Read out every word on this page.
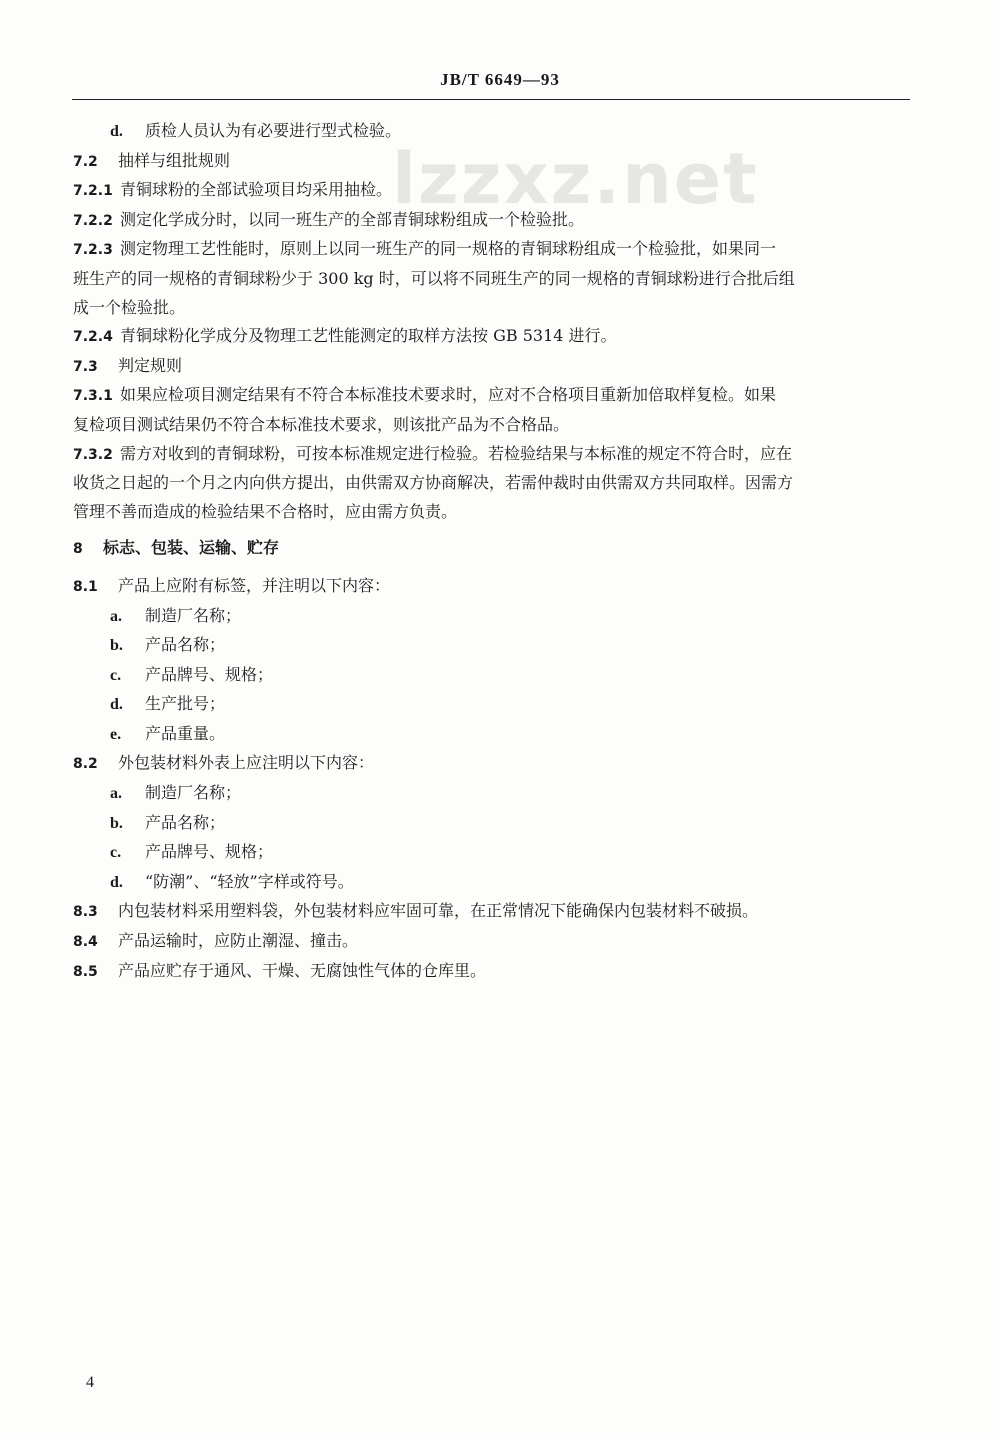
JB/T 6649—93
lzzxz.net
d. 质检人员认为有必要进行型式检验。
7.2 抽样与组批规则
7.2.1 青铜球粉的全部试验项目均采用抽检。
7.2.2 测定化学成分时，以同一班生产的全部青铜球粉组成一个检验批。
7.2.3 测定物理工艺性能时，原则上以同一班生产的同一规格的青铜球粉组成一个检验批，如果同一
班生产的同一规格的青铜球粉少于 300 kg 时，可以将不同班生产的同一规格的青铜球粉进行合批后组
成一个检验批。
7.2.4 青铜球粉化学成分及物理工艺性能测定的取样方法按 GB 5314 进行。
7.3 判定规则
7.3.1 如果应检项目测定结果有不符合本标准技术要求时，应对不合格项目重新加倍取样复检。如果
复检项目测试结果仍不符合本标准技术要求，则该批产品为不合格品。
7.3.2 需方对收到的青铜球粉，可按本标准规定进行检验。若检验结果与本标准的规定不符合时，应在
收货之日起的一个月之内向供方提出，由供需双方协商解决，若需仲裁时由供需双方共同取样。因需方
管理不善而造成的检验结果不合格时，应由需方负责。
8 标志、包装、运输、贮存
8.1 产品上应附有标签，并注明以下内容：
a. 制造厂名称；
b. 产品名称；
c. 产品牌号、规格；
d. 生产批号；
e. 产品重量。
8.2 外包装材料外表上应注明以下内容：
a. 制造厂名称；
b. 产品名称；
c. 产品牌号、规格；
d. “防潮”、“轻放”字样或符号。
8.3 内包装材料采用塑料袋，外包装材料应牢固可靠，在正常情况下能确保内包装材料不破损。
8.4 产品运输时，应防止潮湿、撞击。
8.5 产品应贮存于通风、干燥、无腐蚀性气体的仓库里。
4
